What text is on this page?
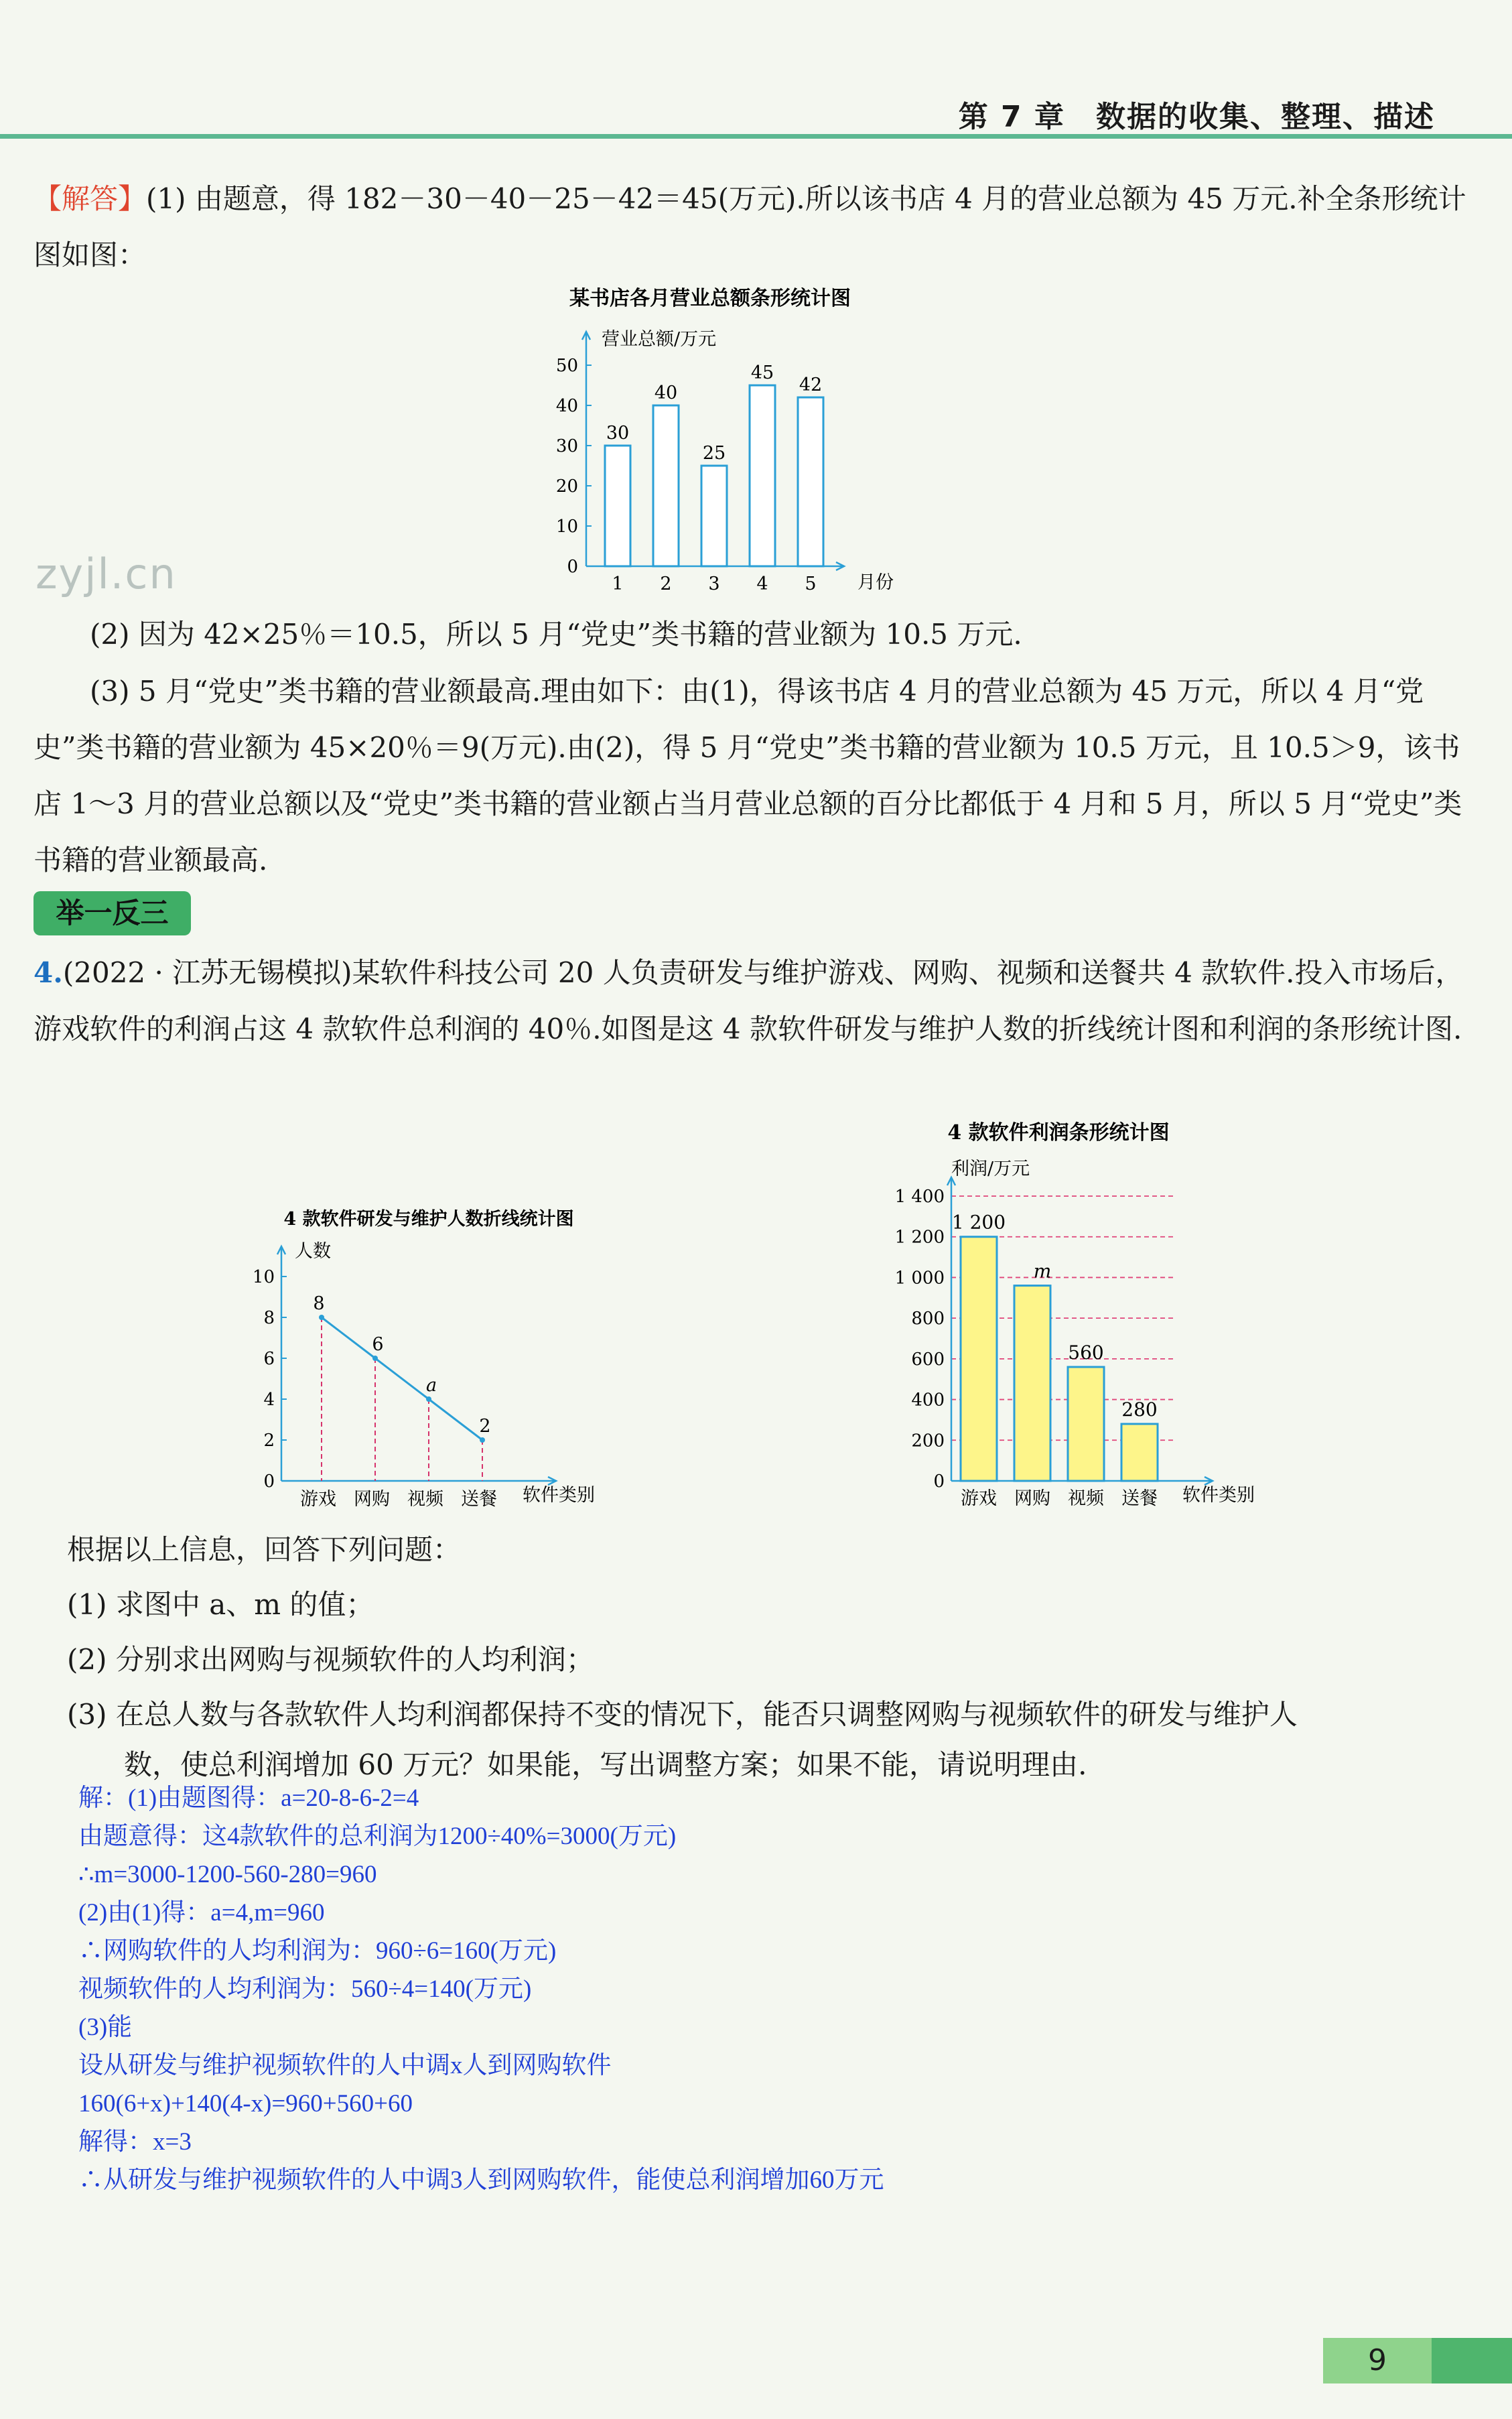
第 7 章　数据的收集、整理、描述
【解答】(1) 由题意，得 182－30－40－25－42＝45(万元).所以该书店 4 月的营业总额为 45 万元.补全条形统计图如图：
某书店各月营业总额条形统计图
营业总额/万元
月份
0
10
20
30
40
50
30
1
40
2
25
3
45
4
42
5
zyjl.cn
(2) 因为 42×25％＝10.5，所以 5 月“党史”类书籍的营业额为 10.5 万元.
(3) 5 月“党史”类书籍的营业额最高.理由如下：由(1)，得该书店 4 月的营业总额为 45 万元，所以 4 月“党史”类书籍的营业额为 45×20％＝9(万元).由(2)，得 5 月“党史”类书籍的营业额为 10.5 万元，且 10.5＞9，该书店 1～3 月的营业总额以及“党史”类书籍的营业额占当月营业总额的百分比都低于 4 月和 5 月，所以 5 月“党史”类书籍的营业额最高.
举一反三
4.(2022 · 江苏无锡模拟)某软件科技公司 20 人负责研发与维护游戏、网购、视频和送餐共 4 款软件.投入市场后，游戏软件的利润占这 4 款软件总利润的 40％.如图是这 4 款软件研发与维护人数的折线统计图和利润的条形统计图.
4 款软件研发与维护人数折线统计图
人数
软件类别
0
2
4
6
8
10
8
游戏
6
网购
a
视频
2
送餐
4 款软件利润条形统计图
利润/万元
软件类别
0
200
400
600
800
1 000
1 200
1 400
1 200
游戏
m
网购
560
视频
280
送餐
根据以上信息，回答下列问题：
(1) 求图中 a、m 的值；
(2) 分别求出网购与视频软件的人均利润；
(3) 在总人数与各款软件人均利润都保持不变的情况下，能否只调整网购与视频软件的研发与维护人
数，使总利润增加 60 万元？如果能，写出调整方案；如果不能，请说明理由.
解：(1)由题图得：a=20-8-6-2=4
由题意得：这4款软件的总利润为1200÷40%=3000(万元)
∴m=3000-1200-560-280=960
(2)由(1)得：a=4,m=960
∴网购软件的人均利润为：960÷6=160(万元)
视频软件的人均利润为：560÷4=140(万元)
(3)能
设从研发与维护视频软件的人中调x人到网购软件
160(6+x)+140(4-x)=960+560+60
解得：x=3
∴从研发与维护视频软件的人中调3人到网购软件，能使总利润增加60万元
9
